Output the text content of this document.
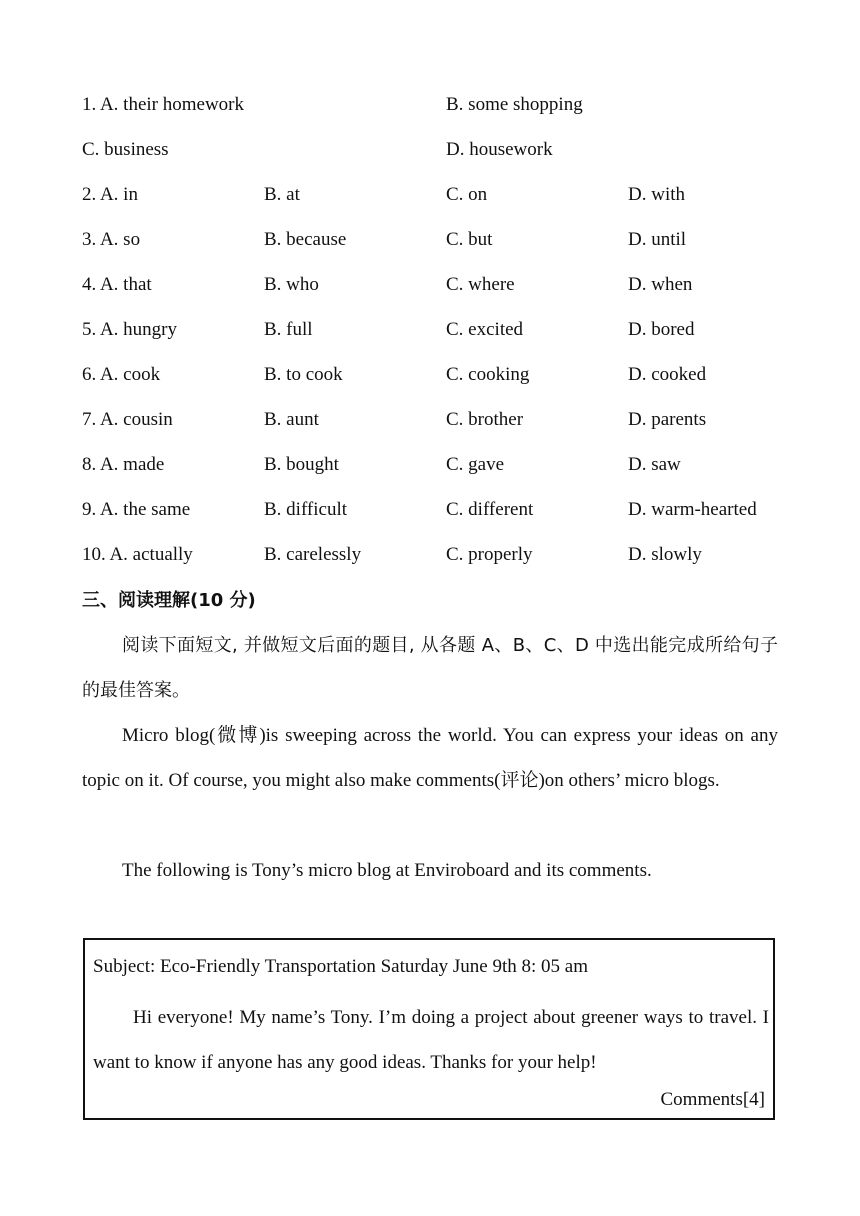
1. A. their homework	B. some shopping
C. business	D. housework
2. A. in	B. at	C. on	D. with
3. A. so	B. because	C. but	D. until
4. A. that	B. who	C. where	D. when
5. A. hungry	B. full	C. excited	D. bored
6. A. cook	B. to cook	C. cooking	D. cooked
7. A. cousin	B. aunt	C. brother	D. parents
8. A. made	B. bought	C. gave	D. saw
9. A. the same	B. difficult	C. different	D. warm-hearted
10. A. actually	B. carelessly	C. properly	D. slowly
三、阅读理解(10 分)
阅读下面短文, 并做短文后面的题目, 从各题 A、B、C、D 中选出能完成所给句子的最佳答案。
Micro blog(微博)is sweeping across the world. You can express your ideas on any topic on it. Of course, you might also make comments(评论)on others’ micro blogs.
The following is Tony’s micro blog at Enviroboard and its comments.
Subject: Eco-Friendly Transportation Saturday June 9th 8: 05 am
Hi everyone! My name’s Tony. I’m doing a project about greener ways to travel. I want to know if anyone has any good ideas. Thanks for your help!
Comments[4]
